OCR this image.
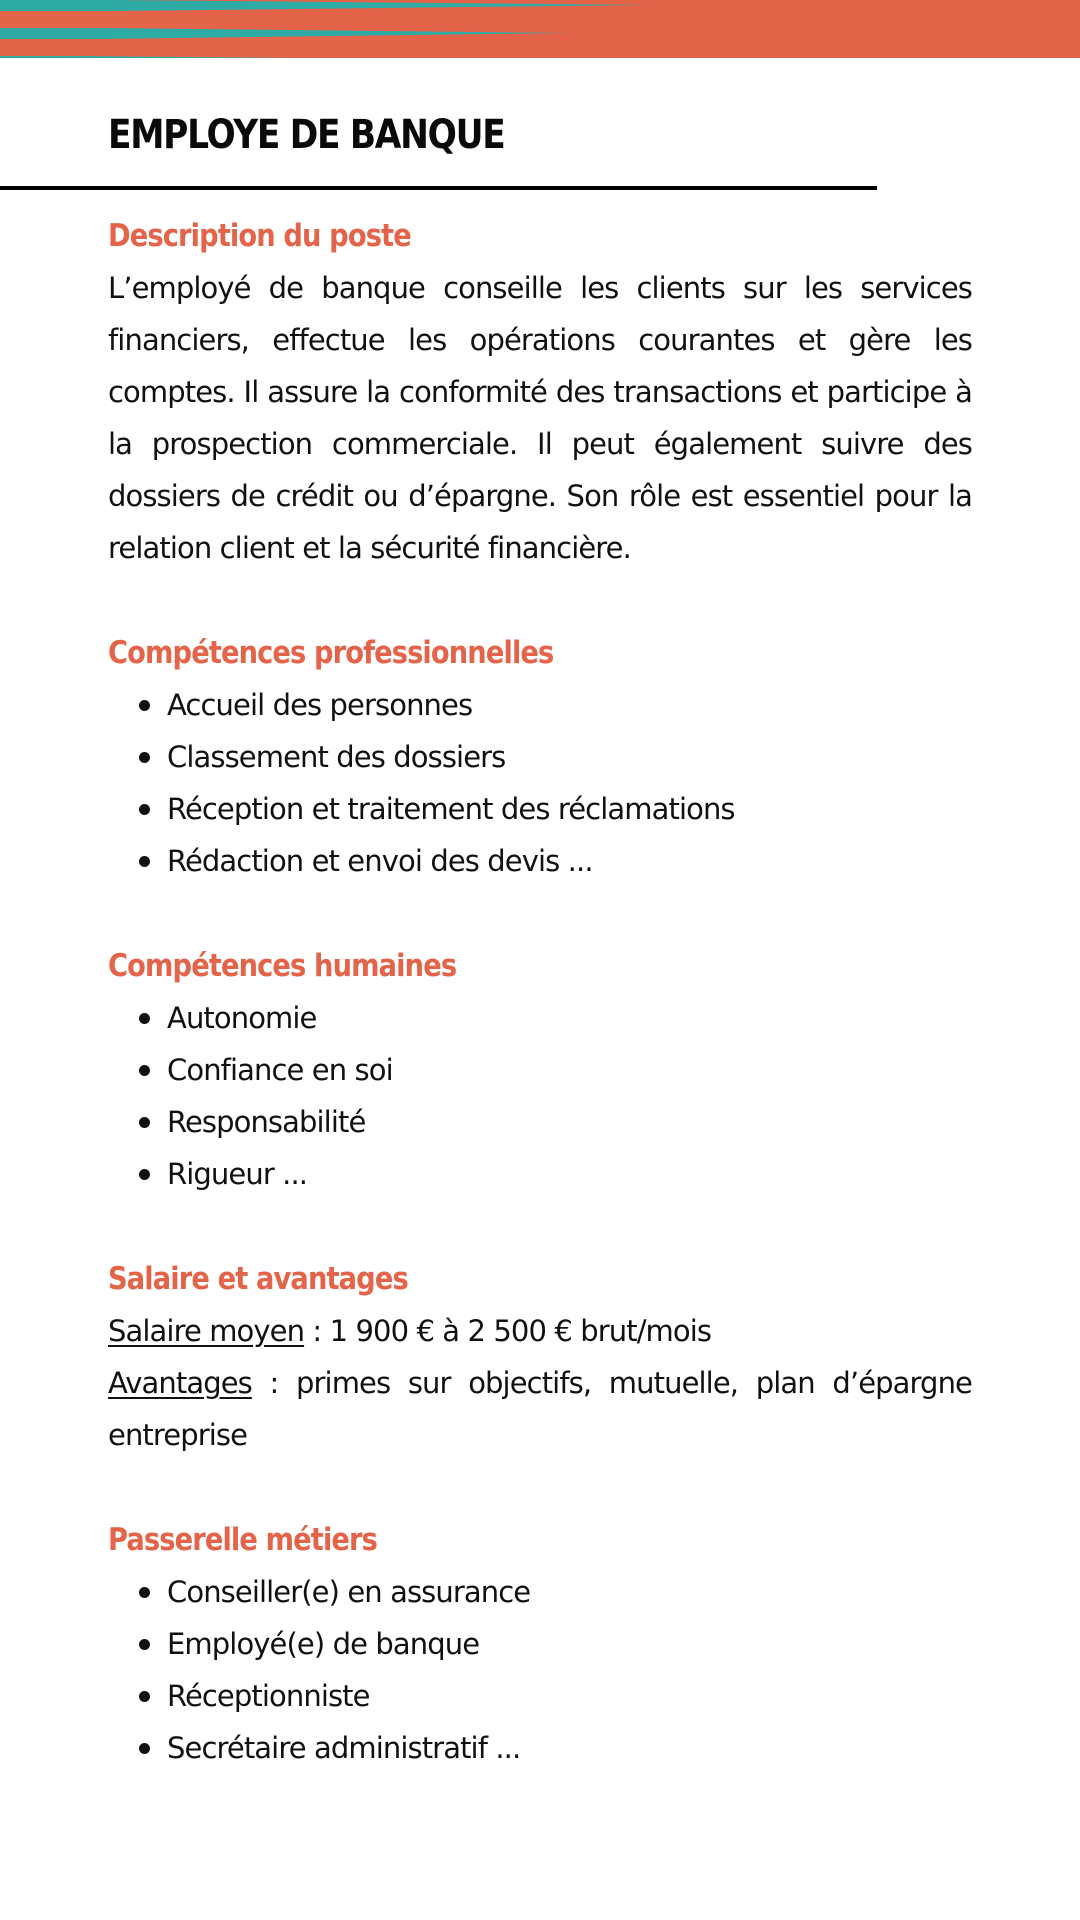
EMPLOYE DE BANQUE
Description du poste

L’employé de banque conseille les clients sur les services financiers, effectue les opérations courantes et gère les comptes. Il assure la conformité des transactions et participe à la prospection commerciale. Il peut également suivre des dossiers de crédit ou d’épargne. Son rôle est essentiel pour la relation client et la sécurité financière.

Compétences professionnelles
Accueil des personnes
Classement des dossiers
Réception et traitement des réclamations
Rédaction et envoi des devis ...
Compétences humaines
Autonomie
Confiance en soi
Responsabilité
Rigueur ...
Salaire et avantages

Salaire moyen : 1 900 € à 2 500 € brut/mois

Avantages : primes sur objectifs, mutuelle, plan d’épargne entreprise

Passerelle métiers
Conseiller(e) en assurance
Employé(e) de banque
Réceptionniste
Secrétaire administratif ...
